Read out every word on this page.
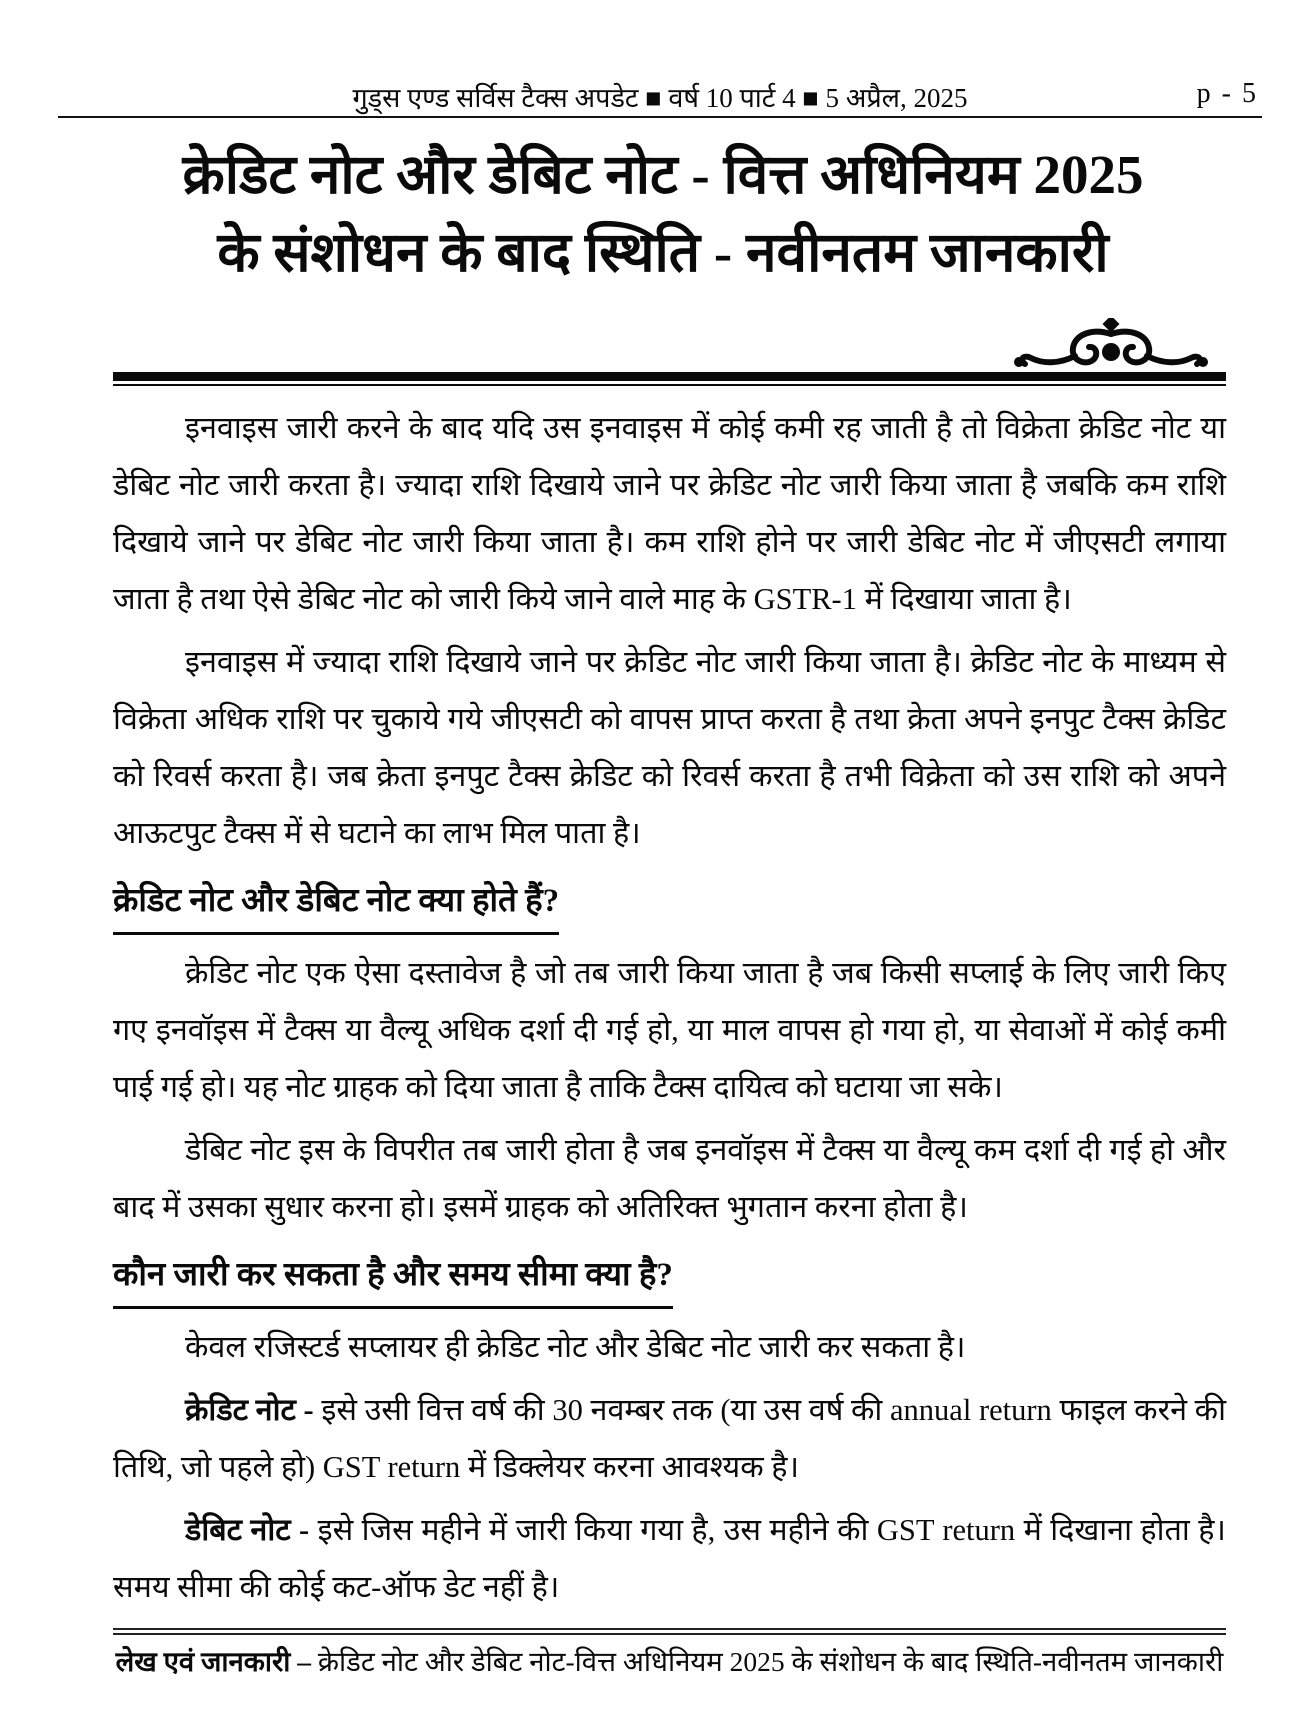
गुड्स एण्ड सर्विस टैक्स अपडेट ■ वर्ष 10 पार्ट 4 ■ 5 अप्रैल, 2025	p - 5
क्रेडिट नोट और डेबिट नोट - वित्त अधिनियम 2025
के संशोधन के बाद स्थिति - नवीनतम जानकारी

इनवाइस जारी करने के बाद यदि उस इनवाइस में कोई कमी रह जाती है तो विक्रेता क्रेडिट नोट या डेबिट नोट जारी करता है। ज्यादा राशि दिखाये जाने पर क्रेडिट नोट जारी किया जाता है जबकि कम राशि दिखाये जाने पर डेबिट नोट जारी किया जाता है। कम राशि होने पर जारी डेबिट नोट में जीएसटी लगाया जाता है तथा ऐसे डेबिट नोट को जारी किये जाने वाले माह के GSTR-1 में दिखाया जाता है।

इनवाइस में ज्यादा राशि दिखाये जाने पर क्रेडिट नोट जारी किया जाता है। क्रेडिट नोट के माध्यम से विक्रेता अधिक राशि पर चुकाये गये जीएसटी को वापस प्राप्त करता है तथा क्रेता अपने इनपुट टैक्स क्रेडिट को रिवर्स करता है। जब क्रेता इनपुट टैक्स क्रेडिट को रिवर्स करता है तभी विक्रेता को उस राशि को अपने आऊटपुट टैक्स में से घटाने का लाभ मिल पाता है।

क्रेडिट नोट और डेबिट नोट क्या होते हैं?

क्रेडिट नोट एक ऐसा दस्तावेज है जो तब जारी किया जाता है जब किसी सप्लाई के लिए जारी किए गए इनवॉइस में टैक्स या वैल्यू अधिक दर्शा दी गई हो, या माल वापस हो गया हो, या सेवाओं में कोई कमी पाई गई हो। यह नोट ग्राहक को दिया जाता है ताकि टैक्स दायित्व को घटाया जा सके।

डेबिट नोट इस के विपरीत तब जारी होता है जब इनवॉइस में टैक्स या वैल्यू कम दर्शा दी गई हो और बाद में उसका सुधार करना हो। इसमें ग्राहक को अतिरिक्त भुगतान करना होता है।

कौन जारी कर सकता है और समय सीमा क्या है?

केवल रजिस्टर्ड सप्लायर ही क्रेडिट नोट और डेबिट नोट जारी कर सकता है।

क्रेडिट नोट - इसे उसी वित्त वर्ष की 30 नवम्बर तक (या उस वर्ष की annual return फाइल करने की तिथि, जो पहले हो) GST return में डिक्लेयर करना आवश्यक है।

डेबिट नोट - इसे जिस महीने में जारी किया गया है, उस महीने की GST return में दिखाना होता है। समय सीमा की कोई कट-ऑफ डेट नहीं है।

लेख एवं जानकारी – क्रेडिट नोट और डेबिट नोट-वित्त अधिनियम 2025 के संशोधन के बाद स्थिति-नवीनतम जानकारी
